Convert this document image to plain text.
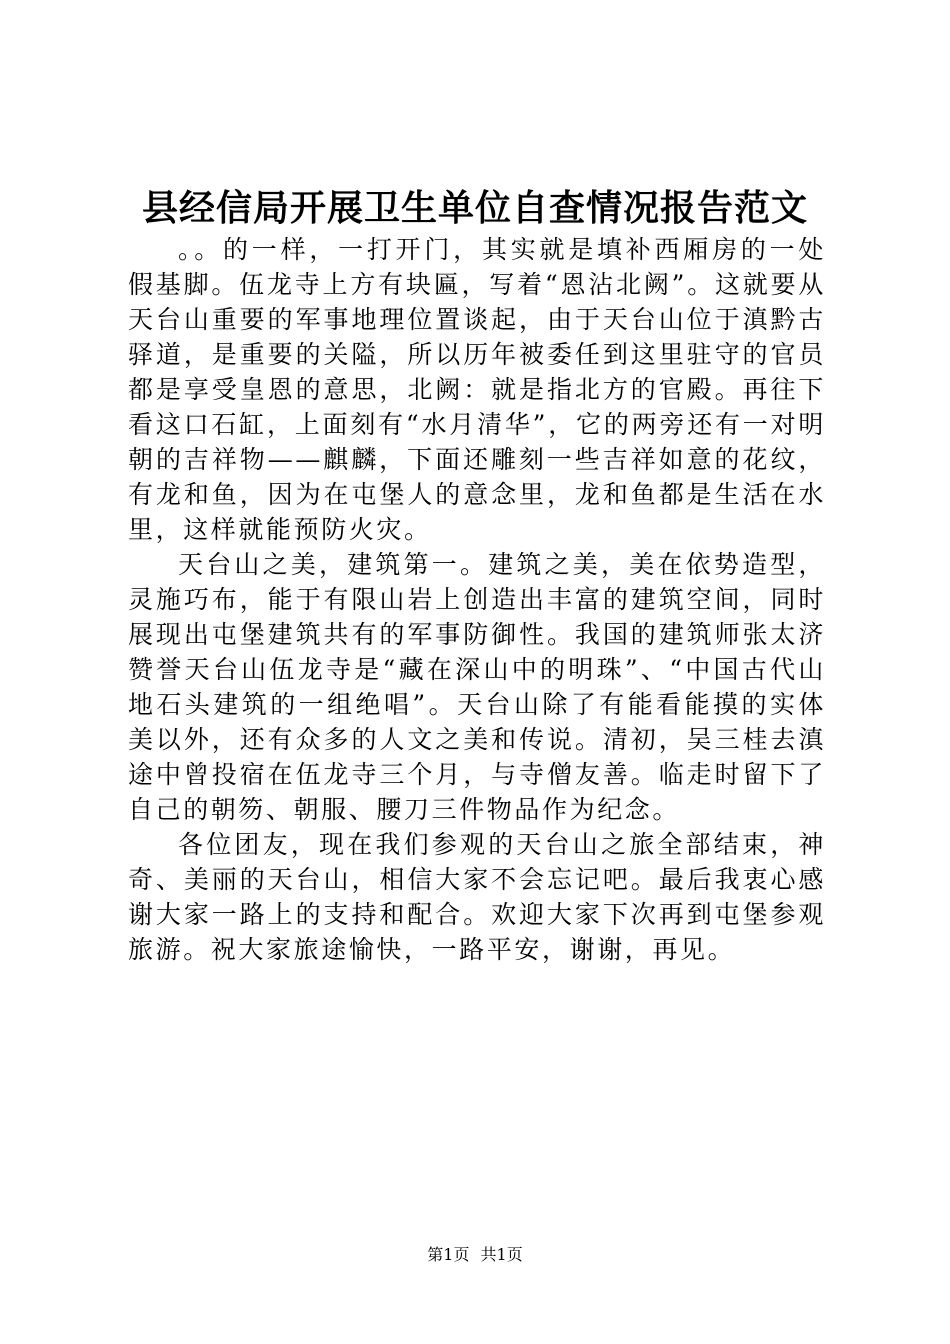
县经信局开展卫生单位自查情况报告范文

。。的一样，一打开门，其实就是填补西厢房的一处假基脚。伍龙寺上方有块匾，写着“恩沾北阙”。这就要从天台山重要的军事地理位置谈起，由于天台山位于滇黔古驿道，是重要的关隘，所以历年被委任到这里驻守的官员都是享受皇恩的意思，北阙：就是指北方的官殿。再往下看这口石缸，上面刻有“水月清华”，它的两旁还有一对明朝的吉祥物——麒麟，下面还雕刻一些吉祥如意的花纹，有龙和鱼，因为在屯堡人的意念里，龙和鱼都是生活在水里，这样就能预防火灾。

天台山之美，建筑第一。建筑之美，美在依势造型，灵施巧布，能于有限山岩上创造出丰富的建筑空间，同时展现出屯堡建筑共有的军事防御性。我国的建筑师张太济赞誉天台山伍龙寺是“藏在深山中的明珠”、“中国古代山地石头建筑的一组绝唱”。天台山除了有能看能摸的实体美以外，还有众多的人文之美和传说。清初，吴三桂去滇途中曾投宿在伍龙寺三个月，与寺僧友善。临走时留下了自己的朝笏、朝服、腰刀三件物品作为纪念。

各位团友，现在我们参观的天台山之旅全部结束，神奇、美丽的天台山，相信大家不会忘记吧。最后我衷心感谢大家一路上的支持和配合。欢迎大家下次再到屯堡参观旅游。祝大家旅途愉快，一路平安，谢谢，再见。

第1页 共1页
